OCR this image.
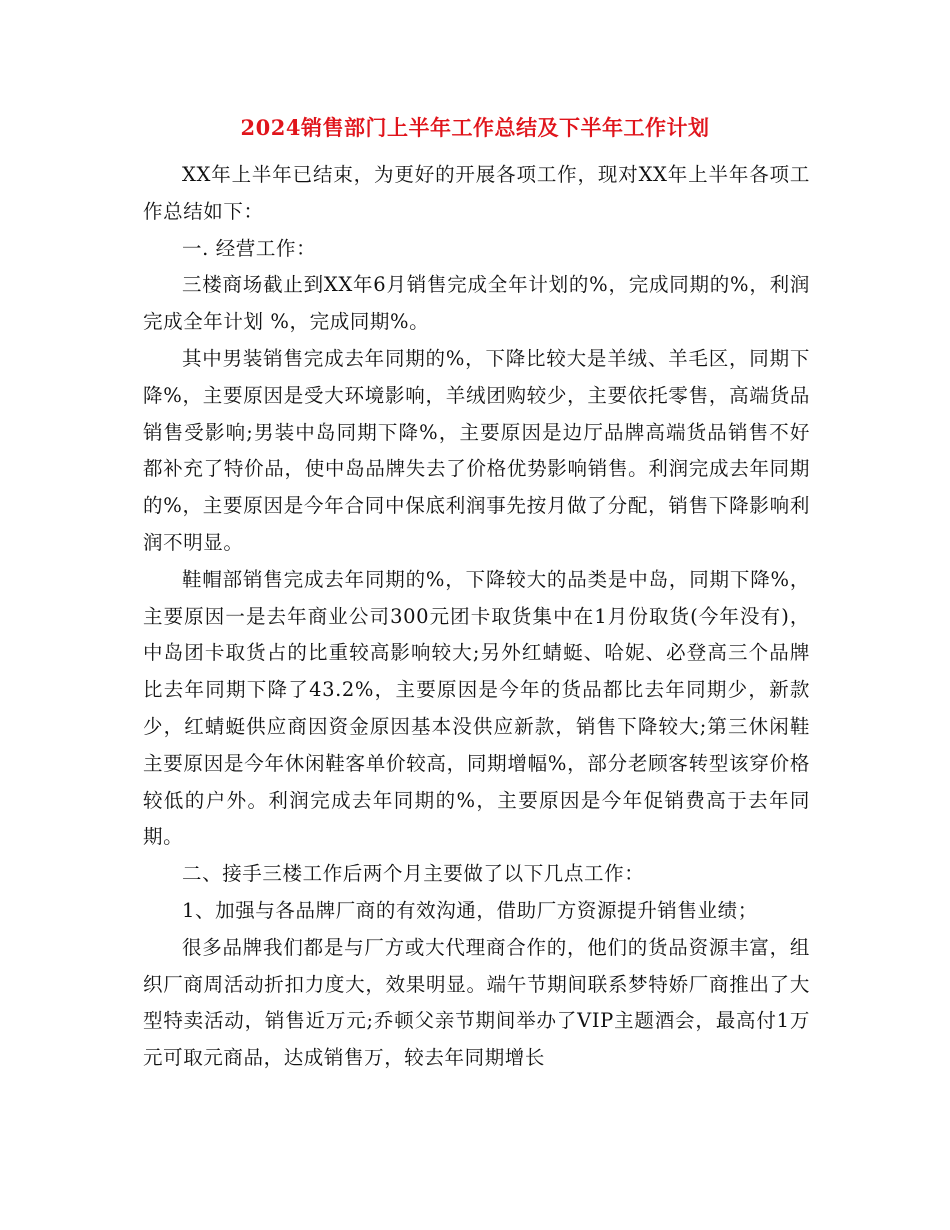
2024销售部门上半年工作总结及下半年工作计划

XX年上半年已结束，为更好的开展各项工作，现对XX年上半年各项工作总结如下：

一. 经营工作：

三楼商场截止到XX年6月销售完成全年计划的%，完成同期的%，利润完成全年计划 %，完成同期%。

其中男装销售完成去年同期的%，下降比较大是羊绒、羊毛区，同期下降%，主要原因是受大环境影响，羊绒团购较少，主要依托零售，高端货品销售受影响;男装中岛同期下降%，主要原因是边厅品牌高端货品销售不好都补充了特价品，使中岛品牌失去了价格优势影响销售。利润完成去年同期的%，主要原因是今年合同中保底利润事先按月做了分配，销售下降影响利润不明显。

鞋帽部销售完成去年同期的%，下降较大的品类是中岛，同期下降%，主要原因一是去年商业公司300元团卡取货集中在1月份取货(今年没有)，中岛团卡取货占的比重较高影响较大;另外红蜻蜓、哈妮、必登高三个品牌比去年同期下降了43.2%，主要原因是今年的货品都比去年同期少，新款少，红蜻蜓供应商因资金原因基本没供应新款，销售下降较大;第三休闲鞋主要原因是今年休闲鞋客单价较高，同期增幅%，部分老顾客转型该穿价格较低的户外。利润完成去年同期的%，主要原因是今年促销费高于去年同期。

二、接手三楼工作后两个月主要做了以下几点工作：

1、加强与各品牌厂商的有效沟通，借助厂方资源提升销售业绩；

很多品牌我们都是与厂方或大代理商合作的，他们的货品资源丰富，组织厂商周活动折扣力度大，效果明显。端午节期间联系梦特娇厂商推出了大型特卖活动，销售近万元;乔顿父亲节期间举办了VIP主题酒会，最高付1万元可取元商品，达成销售万，较去年同期增长
